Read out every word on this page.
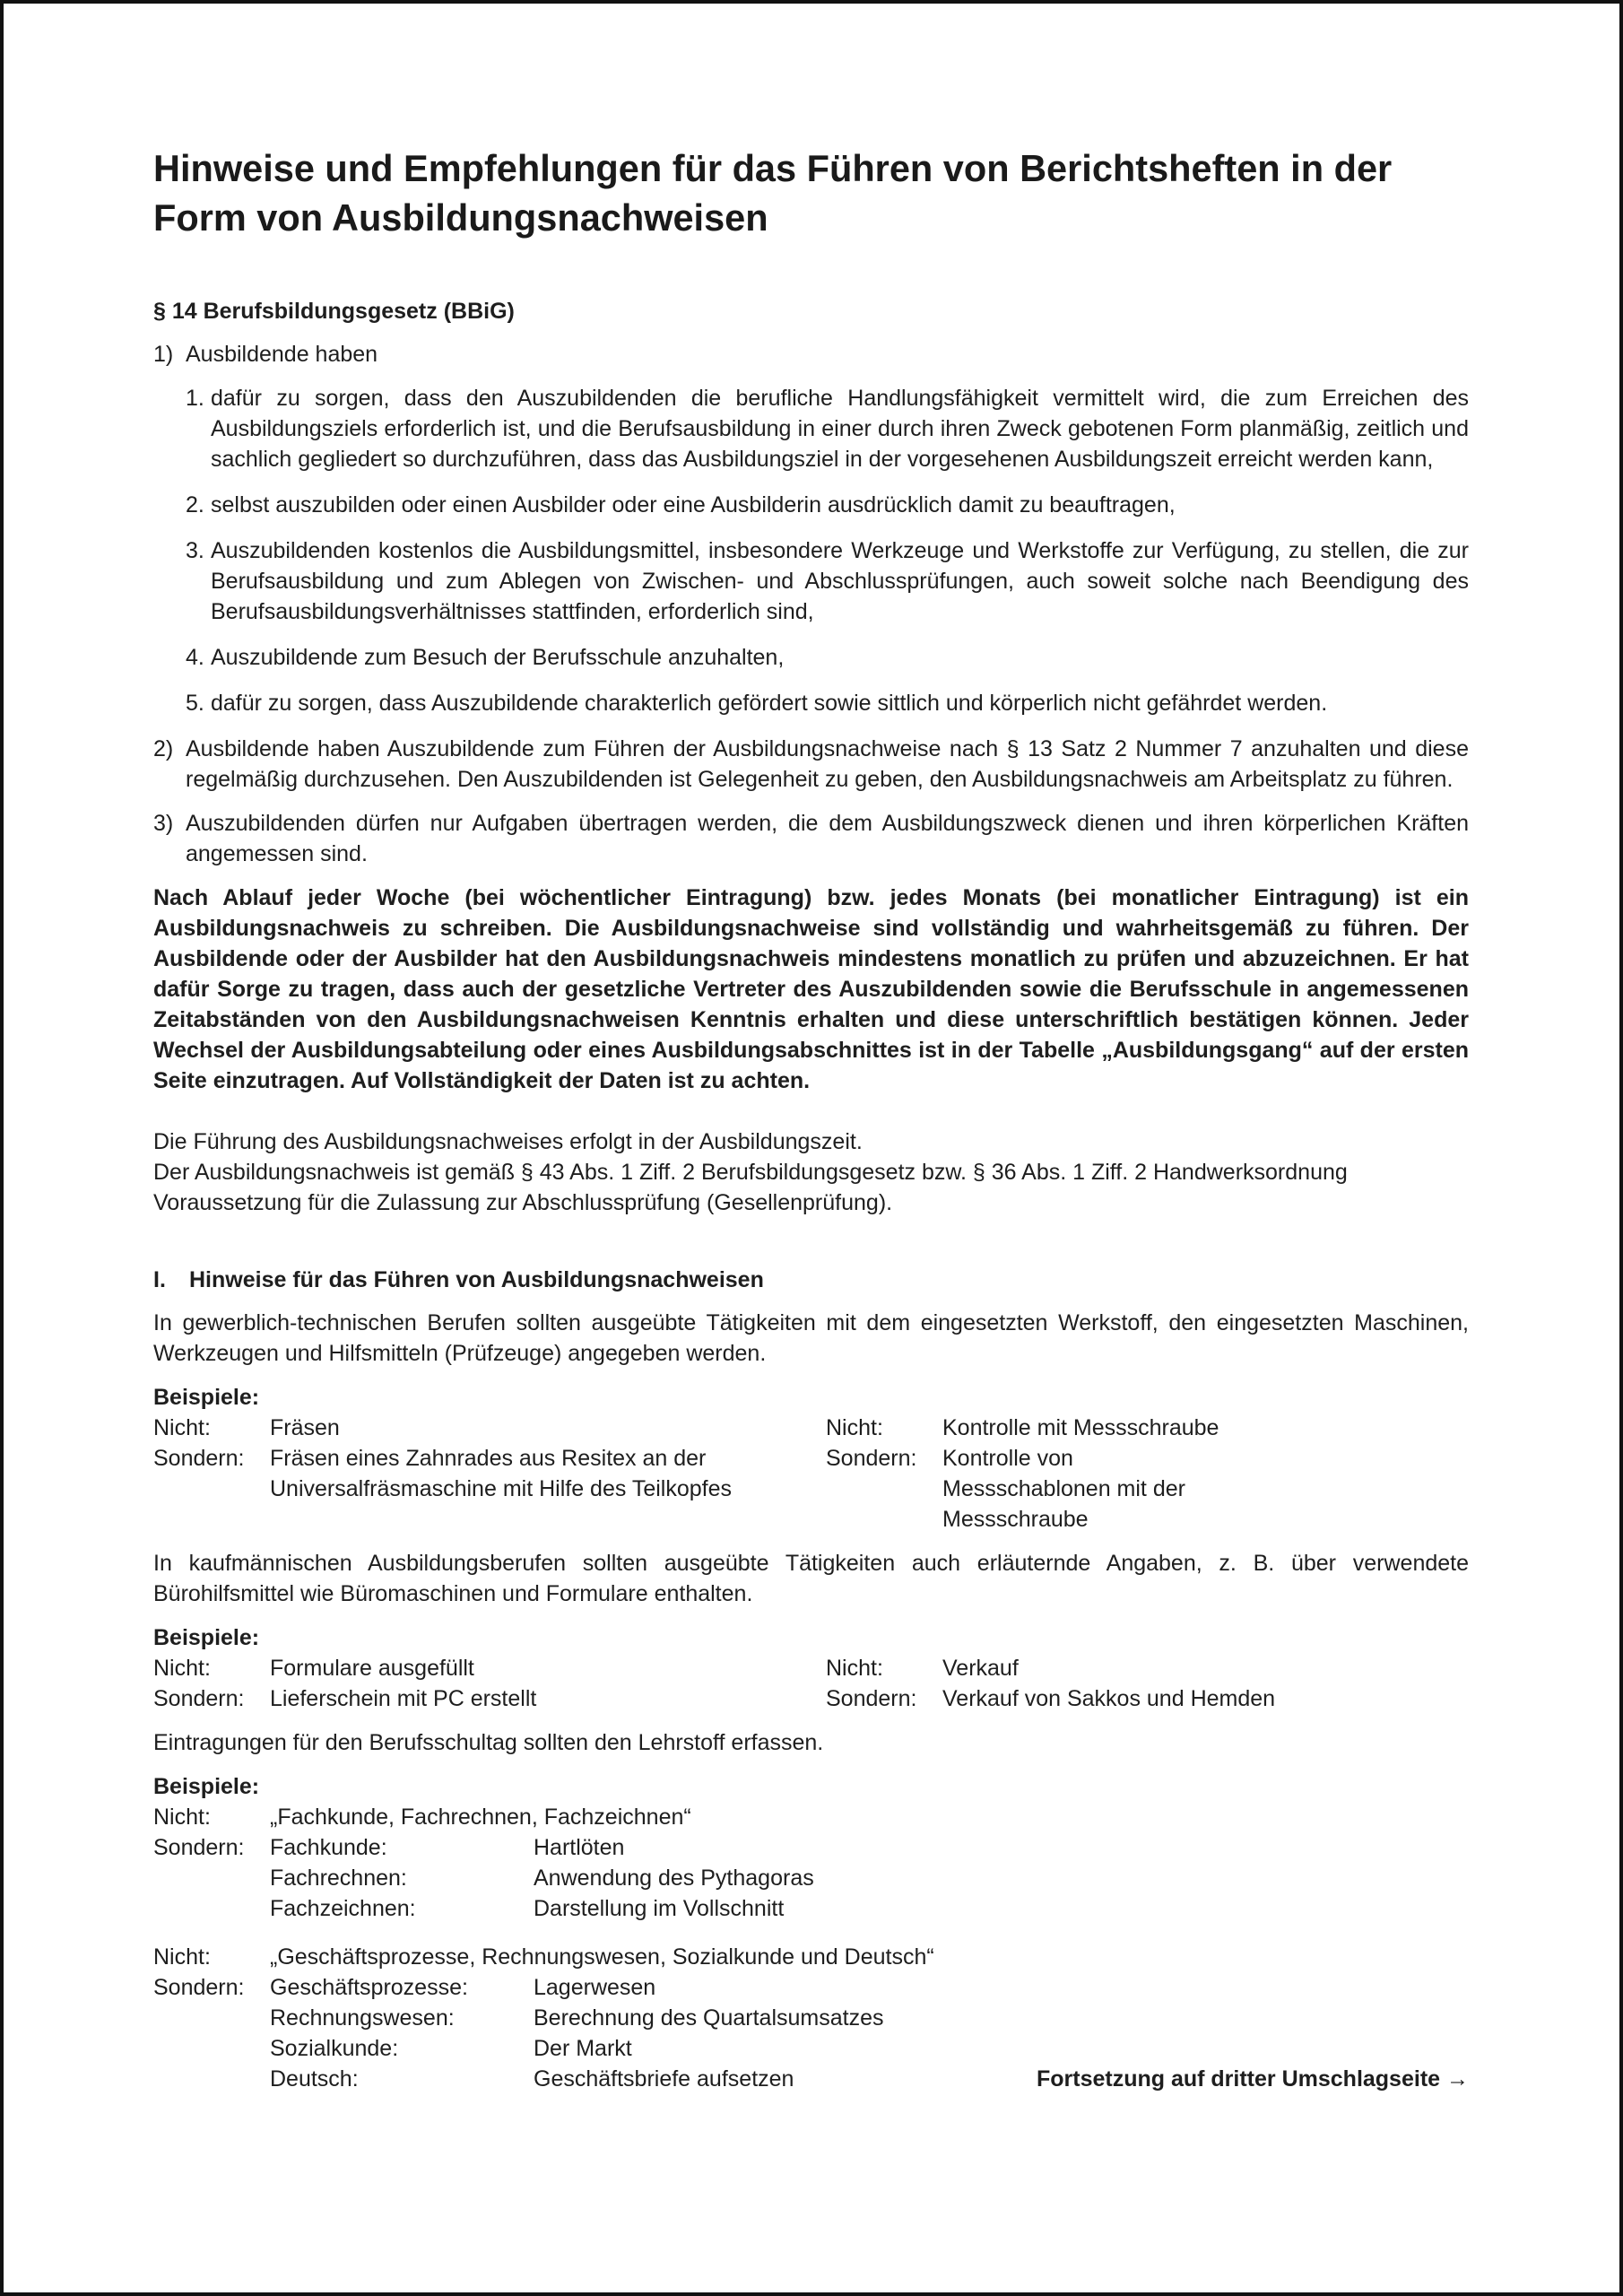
Hinweise und Empfehlungen für das Führen von Berichtsheften in der Form von Ausbildungsnachweisen
§ 14 Berufsbildungsgesetz (BBiG)
1) Ausbildende haben
1. dafür zu sorgen, dass den Auszubildenden die berufliche Handlungsfähigkeit vermittelt wird, die zum Erreichen des Ausbildungsziels erforderlich ist, und die Berufsausbildung in einer durch ihren Zweck gebotenen Form planmäßig, zeitlich und sachlich gegliedert so durchzuführen, dass das Ausbildungsziel in der vorgesehenen Ausbildungszeit erreicht werden kann,
2. selbst auszubilden oder einen Ausbilder oder eine Ausbilderin ausdrücklich damit zu beauftragen,
3. Auszubildenden kostenlos die Ausbildungsmittel, insbesondere Werkzeuge und Werkstoffe zur Verfügung, zu stellen, die zur Berufsausbildung und zum Ablegen von Zwischen- und Abschlussprüfungen, auch soweit solche nach Beendigung des Berufsausbildungsverhältnisses stattfinden, erforderlich sind,
4. Auszubildende zum Besuch der Berufsschule anzuhalten,
5. dafür zu sorgen, dass Auszubildende charakterlich gefördert sowie sittlich und körperlich nicht gefährdet werden.
2) Ausbildende haben Auszubildende zum Führen der Ausbildungsnachweise nach § 13 Satz 2 Nummer 7 anzuhalten und diese regelmäßig durchzusehen. Den Auszubildenden ist Gelegenheit zu geben, den Ausbildungsnachweis am Arbeitsplatz zu führen.
3) Auszubildenden dürfen nur Aufgaben übertragen werden, die dem Ausbildungszweck dienen und ihren körperlichen Kräften angemessen sind.

Nach Ablauf jeder Woche (bei wöchentlicher Eintragung) bzw. jedes Monats (bei monatlicher Eintragung) ist ein Ausbildungsnachweis zu schreiben. Die Ausbildungsnachweise sind vollständig und wahrheitsgemäß zu führen. Der Ausbildende oder der Ausbilder hat den Ausbildungsnachweis mindestens monatlich zu prüfen und abzuzeichnen. Er hat dafür Sorge zu tragen, dass auch der gesetzliche Vertreter des Auszubildenden sowie die Berufsschule in angemessenen Zeitabständen von den Ausbildungsnachweisen Kenntnis erhalten und diese unterschriftlich bestätigen können. Jeder Wechsel der Ausbildungsabteilung oder eines Ausbildungsabschnittes ist in der Tabelle „Ausbildungsgang“ auf der ersten Seite einzutragen. Auf Vollständigkeit der Daten ist zu achten.

Die Führung des Ausbildungsnachweises erfolgt in der Ausbildungszeit.

Der Ausbildungsnachweis ist gemäß § 43 Abs. 1 Ziff. 2 Berufsbildungsgesetz bzw. § 36 Abs. 1 Ziff. 2 Handwerksordnung

Voraussetzung für die Zulassung zur Abschlussprüfung (Gesellenprüfung).

I.	Hinweise für das Führen von Ausbildungsnachweisen

In gewerblich-technischen Berufen sollten ausgeübte Tätigkeiten mit dem eingesetzten Werkstoff, den eingesetzten Maschinen, Werkzeugen und Hilfsmitteln (Prüfzeuge) angegeben werden.

Beispiele:

Nicht:	Fräsen	Nicht:	Kontrolle mit Messschraube
Sondern:	Fräsen eines Zahnrades aus Resitex an der Universalfräsmaschine mit Hilfe des Teilkopfes
Sondern:	Kontrolle von Messschablonen mit der Messschraube

In kaufmännischen Ausbildungsberufen sollten ausgeübte Tätigkeiten auch erläuternde Angaben, z. B. über verwendete Bürohilfsmittel wie Büromaschinen und Formulare enthalten.

Beispiele:

Nicht:	Formulare ausgefüllt	Nicht:	Verkauf
Sondern:	Lieferschein mit PC erstellt	Sondern:	Verkauf von Sakkos und Hemden

Eintragungen für den Berufsschultag sollten den Lehrstoff erfassen.

Beispiele:

Nicht:	„Fachkunde, Fachrechnen, Fachzeichnen“
Sondern:	Fachkunde:	Hartlöten
Fachrechnen:	Anwendung des Pythagoras
Fachzeichnen:	Darstellung im Vollschnitt
Nicht:	„Geschäftsprozesse, Rechnungswesen, Sozialkunde und Deutsch“
Sondern:	Geschäftsprozesse:	Lagerwesen
Rechnungswesen:	Berechnung des Quartalsumsatzes
Sozialkunde:	Der Markt
Deutsch:	Geschäftsbriefe aufsetzen	Fortsetzung auf dritter Umschlagseite →
